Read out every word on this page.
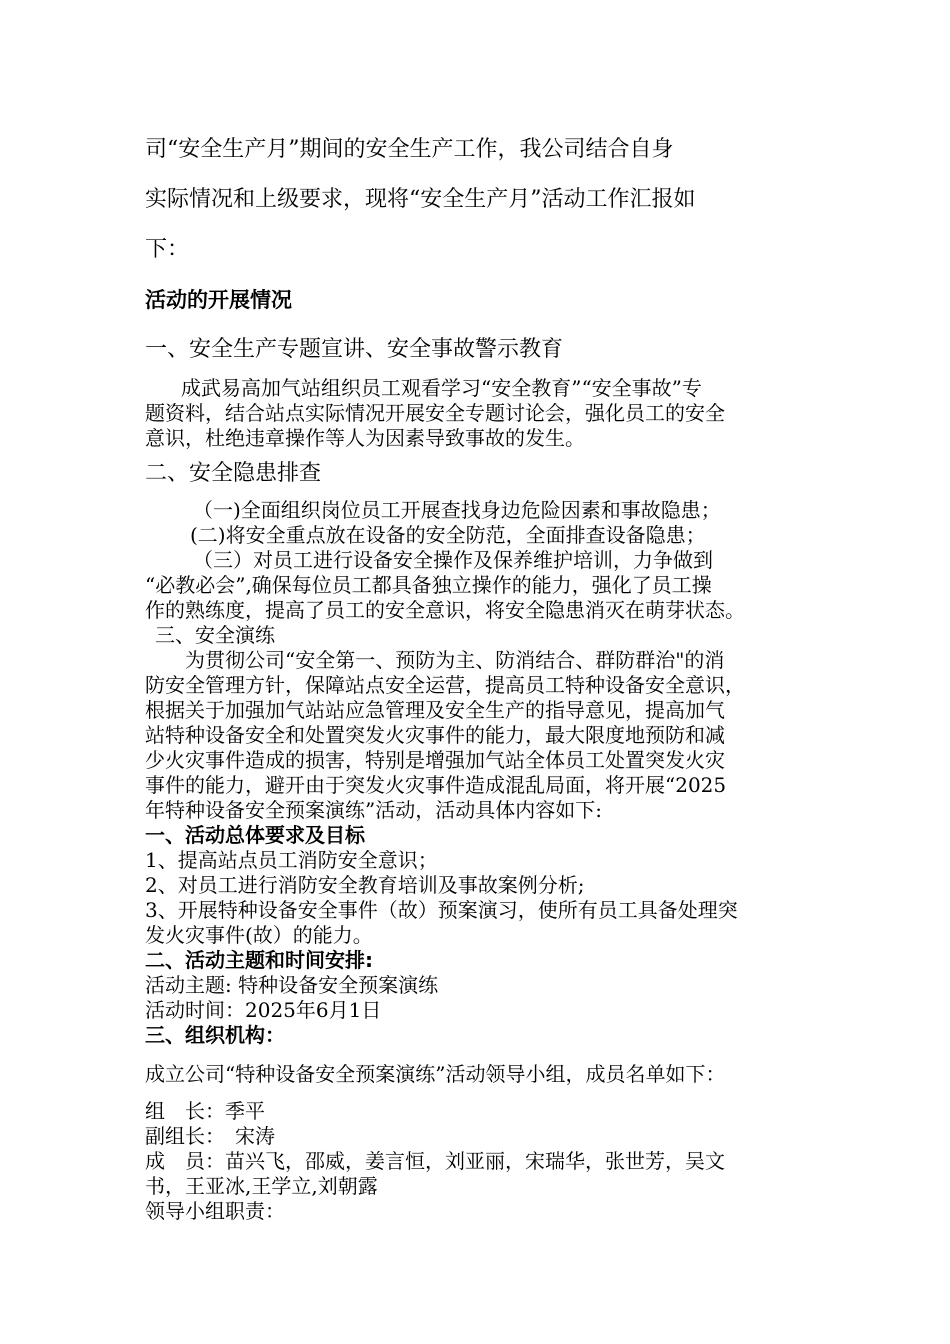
司“安全生产月”期间的安全生产工作，我公司结合自身
实际情况和上级要求，现将“安全生产月”活动工作汇报如
下：
活动的开展情况
一、安全生产专题宣讲、安全事故警示教育
成武易高加气站组织员工观看学习“安全教育”“安全事故”专
题资料，结合站点实际情况开展安全专题讨论会，强化员工的安全
意识，杜绝违章操作等人为因素导致事故的发生。
二、安全隐患排查
（一)全面组织岗位员工开展查找身边危险因素和事故隐患；
(二)将安全重点放在设备的安全防范，全面排查设备隐患；
（三）对员工进行设备安全操作及保养维护培训，力争做到
“必教必会”,确保每位员工都具备独立操作的能力，强化了员工操
作的熟练度，提高了员工的安全意识，将安全隐患消灭在萌芽状态。
三、安全演练
为贯彻公司“安全第一、预防为主、防消结合、群防群治"的消
防安全管理方针，保障站点安全运营，提高员工特种设备安全意识，
根据关于加强加气站站应急管理及安全生产的指导意见，提高加气
站特种设备安全和处置突发火灾事件的能力，最大限度地预防和减
少火灾事件造成的损害，特别是增强加气站全体员工处置突发火灾
事件的能力，避开由于突发火灾事件造成混乱局面，将开展“2025
年特种设备安全预案演练”活动，活动具体内容如下:
一、活动总体要求及目标
1、提高站点员工消防安全意识；
2、对员工进行消防安全教育培训及事故案例分析;
3、开展特种设备安全事件（故）预案演习，使所有员工具备处理突
发火灾事件(故）的能力。
二、活动主题和时间安排:
活动主题: 特种设备安全预案演练
活动时间：2025年6月1日
三、组织机构：
成立公司“特种设备安全预案演练”活动领导小组，成员名单如下：
组　长：季平
副组长：　宋涛
成　员：苗兴飞，邵威，姜言恒，刘亚丽，宋瑞华，张世芳，吴文
书，王亚冰,王学立,刘朝露
领导小组职责：
